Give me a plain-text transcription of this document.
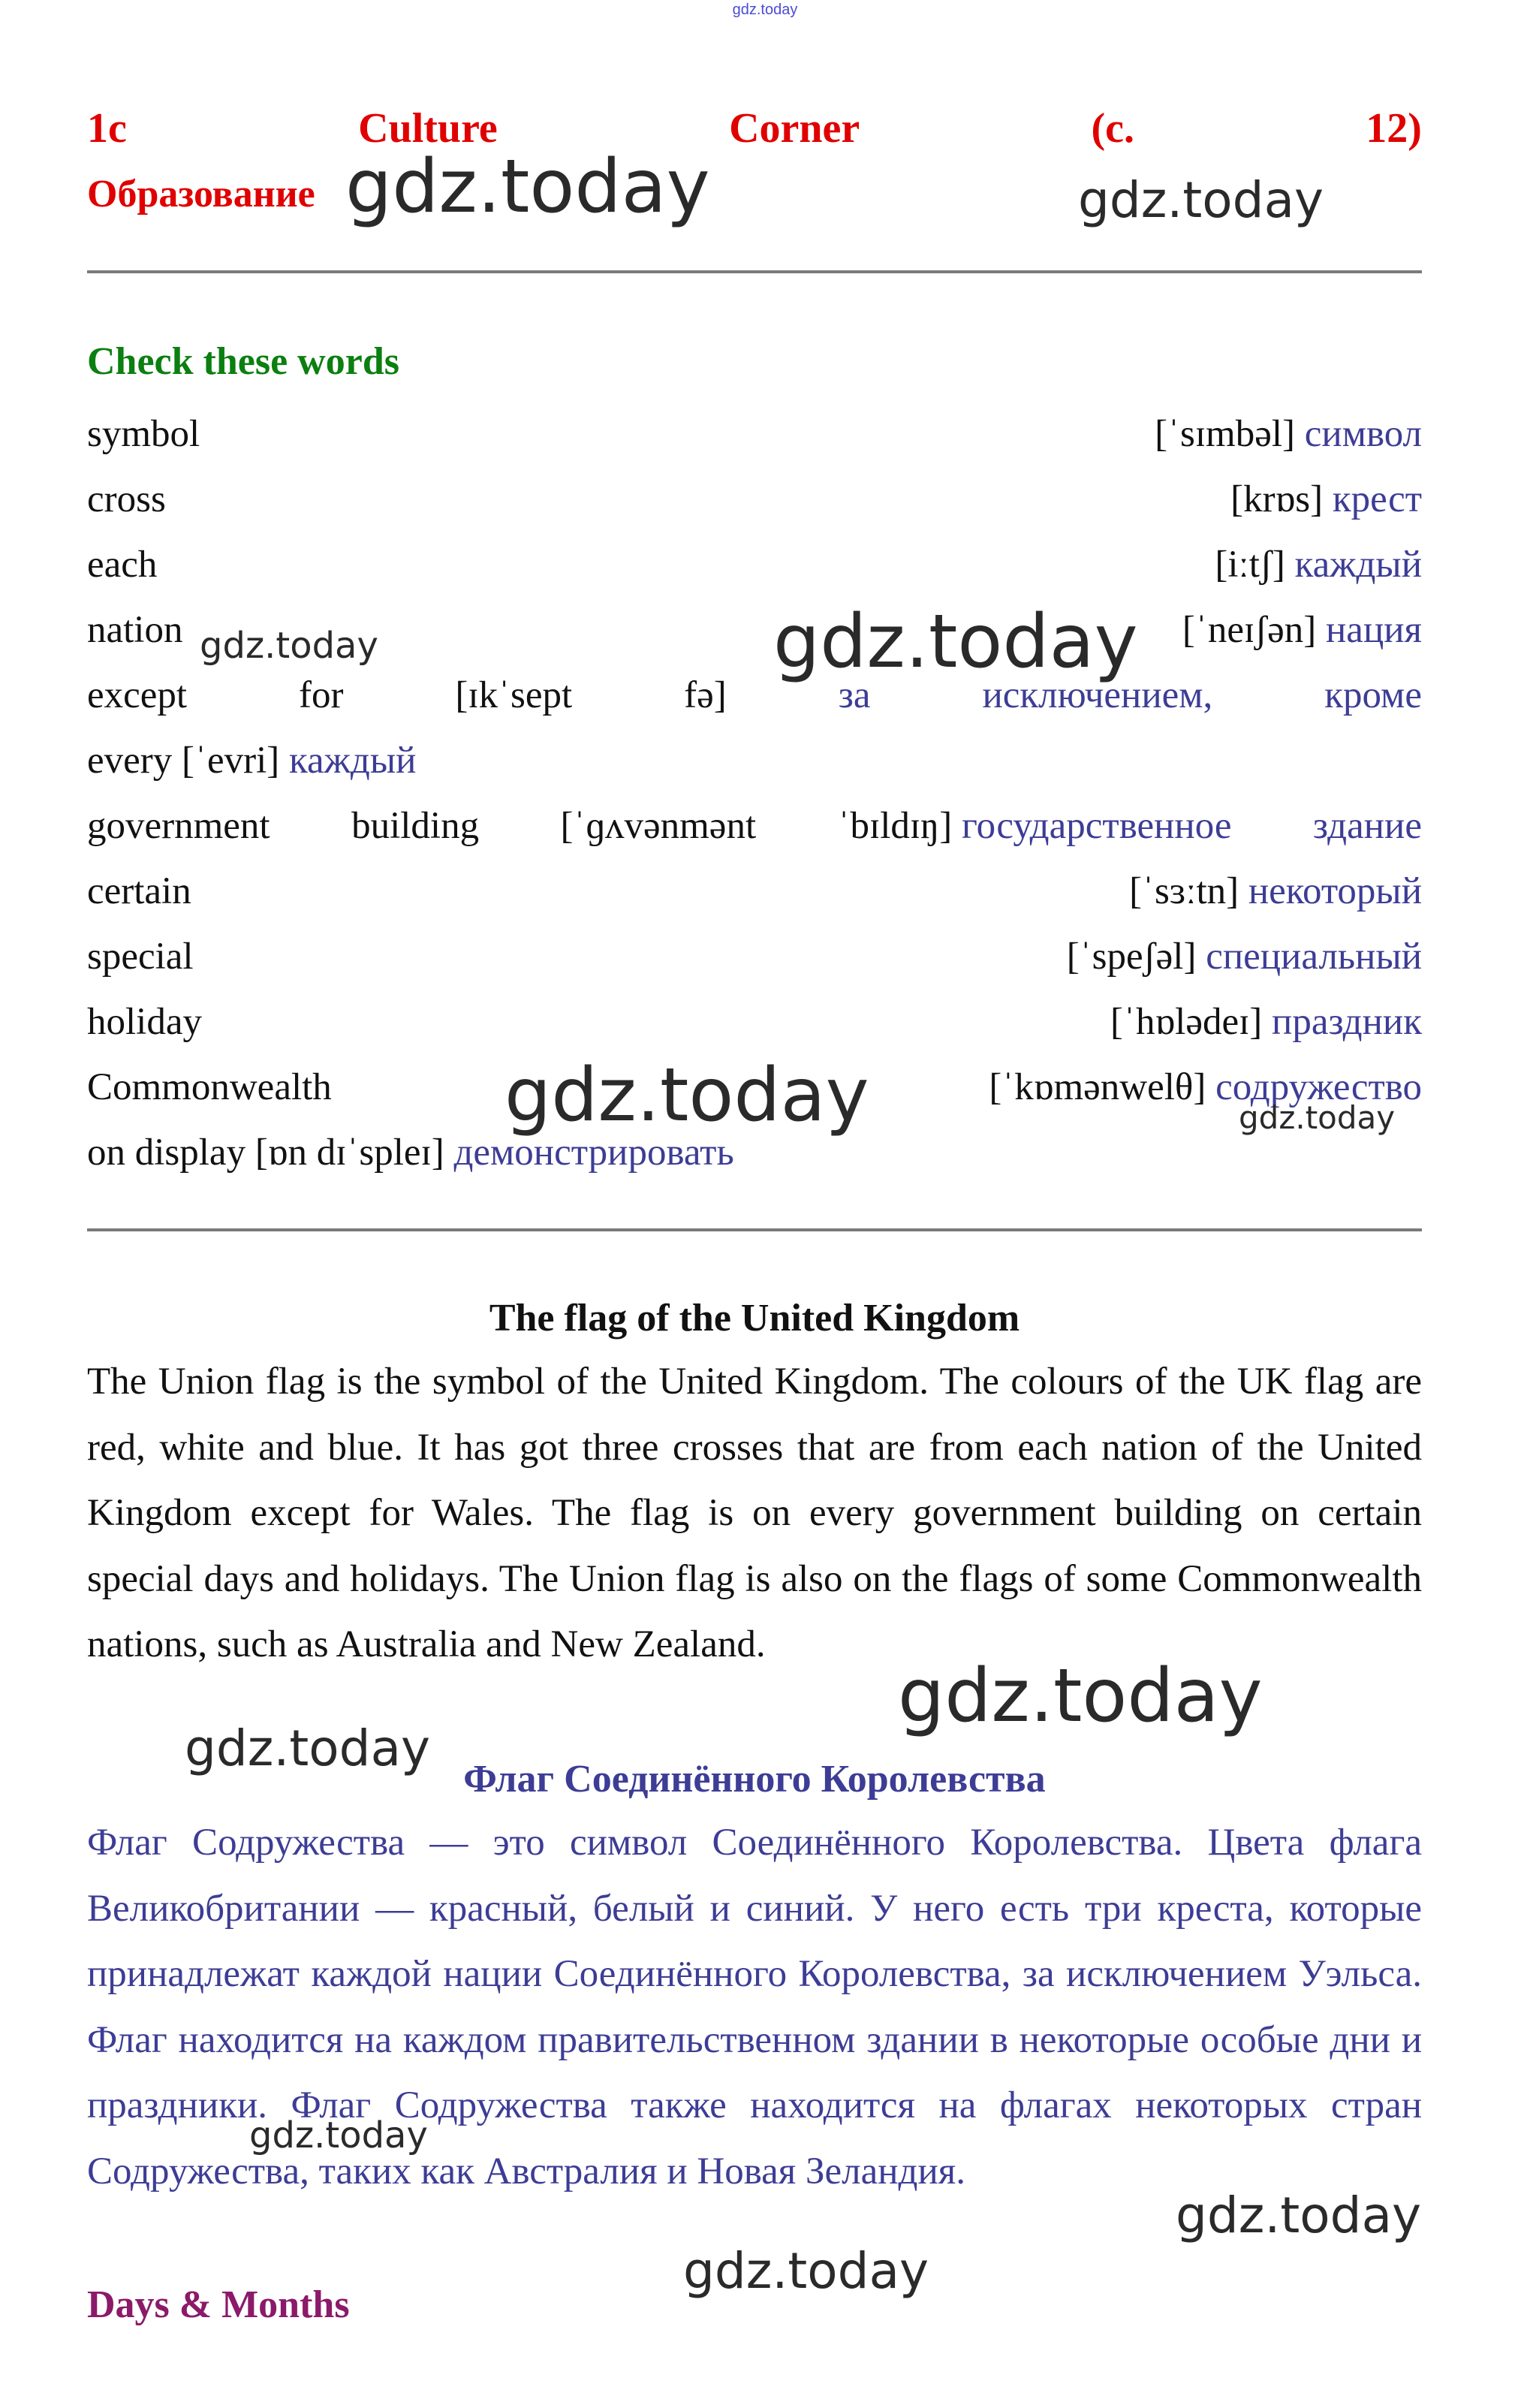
gdz.today
1c	Culture	Corner	(c.	12)
Образование
Check these words
symbol	[ˈsɪmbəl] символ
cross	[krɒs] крест
each	[iːtʃ] каждый
nation	[ˈneɪʃən] нация
except	for	[ɪkˈsept	fə]	за	исключением,	кроме
every [ˈevri] каждый
government building [ˈɡʌvənmənt ˈbɪldɪŋ] государственное здание
certain	[ˈsɜːtn] некоторый
special	[ˈspeʃəl] специальный
holiday	[ˈhɒlədeɪ] праздник
Commonwealth	[ˈkɒmənwelθ] содружество
on display [ɒn dɪˈspleɪ] демонстрировать
The flag of the United Kingdom
The Union flag is the symbol of the United Kingdom. The colours of the UK flag are red, white and blue. It has got three crosses that are from each nation of the United Kingdom except for Wales. The flag is on every government building on certain special days and holidays. The Union flag is also on the flags of some Commonwealth nations, such as Australia and New Zealand.
Флаг Соединённого Королевства
Флаг Содружества — это символ Соединённого Королевства. Цвета флага Великобритании — красный, белый и синий. У него есть три креста, которые принадлежат каждой нации Соединённого Королевства, за исключением Уэльса. Флаг находится на каждом правительственном здании в некоторые особые дни и праздники. Флаг Содружества также находится на флагах некоторых стран Содружества, таких как Австралия и Новая Зеландия.
Days & Months
gdz.today	gdz.today
gdz.today	gdz.today
gdz.today	gdz.today
gdz.today
gdz.today
gdz.today
gdz.today
gdz.today
